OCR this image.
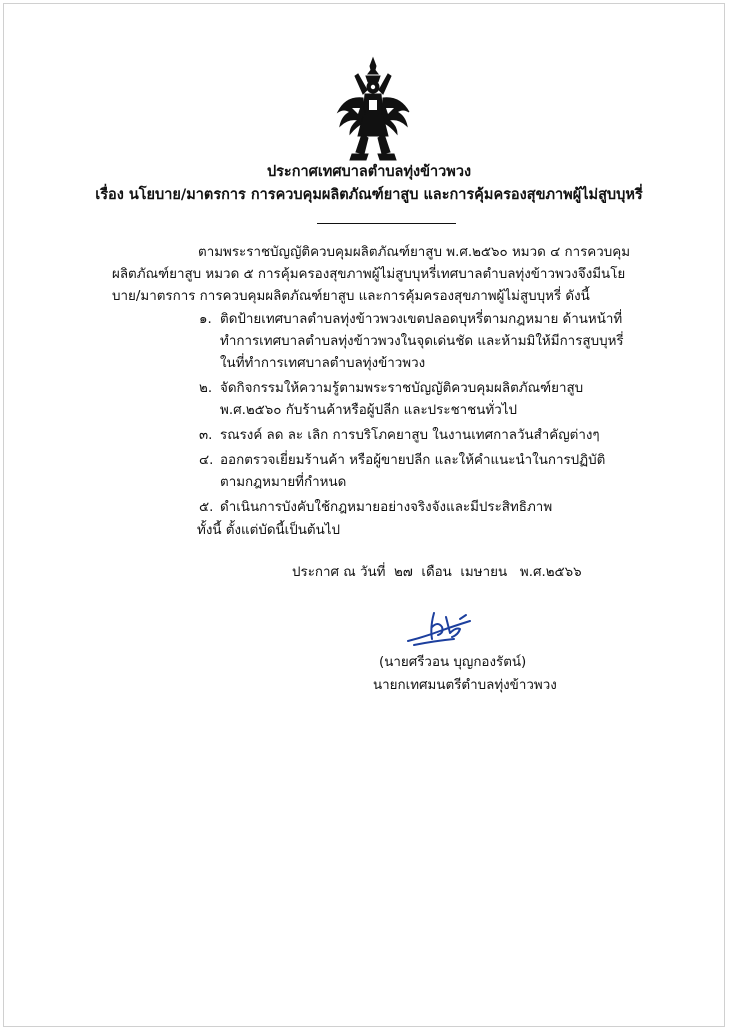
ประกาศเทศบาลตำบลทุ่งข้าวพวง
เรื่อง นโยบาย/มาตรการ การควบคุมผลิตภัณฑ์ยาสูบ และการคุ้มครองสุขภาพผู้ไม่สูบบุหรี่
ตามพระราชบัญญัติควบคุมผลิตภัณฑ์ยาสูบ พ.ศ.๒๕๖๐ หมวด ๔ การควบคุมผลิตภัณฑ์ยาสูบ หมวด ๕ การคุ้มครองสุขภาพผู้ไม่สูบบุหรี่เทศบาลตำบลทุ่งข้าวพวงจึงมีนโยบาย/มาตรการ การควบคุมผลิตภัณฑ์ยาสูบ และการคุ้มครองสุขภาพผู้ไม่สูบบุหรี่ ดังนี้
๑. ติดป้ายเทศบาลตำบลทุ่งข้าวพวงเขตปลอดบุหรี่ตามกฎหมาย ด้านหน้าที่ทำการเทศบาลตำบลทุ่งข้าวพวงในจุดเด่นชัด และห้ามมิให้มีการสูบบุหรี่ในที่ทำการเทศบาลตำบลทุ่งข้าวพวง
๒. จัดกิจกรรมให้ความรู้ตามพระราชบัญญัติควบคุมผลิตภัณฑ์ยาสูบ พ.ศ.๒๕๖๐ กับร้านค้าหรือผู้ปลีก และประชาชนทั่วไป
๓. รณรงค์ ลด ละ เลิก การบริโภคยาสูบ ในงานเทศกาลวันสำคัญต่างๆ
๔. ออกตรวจเยี่ยมร้านค้า หรือผู้ขายปลีก และให้คำแนะนำในการปฏิบัติตามกฎหมายที่กำหนด
๕. ดำเนินการบังคับใช้กฎหมายอย่างจริงจังและมีประสิทธิภาพ
ทั้งนี้ ตั้งแต่บัดนี้เป็นต้นไป
ประกาศ ณ วันที่  ๒๗  เดือน  เมษายน   พ.ศ.๒๕๖๖
(นายศรีวอน บุญกองรัตน์)
นายกเทศมนตรีตำบลทุ่งข้าวพวง
